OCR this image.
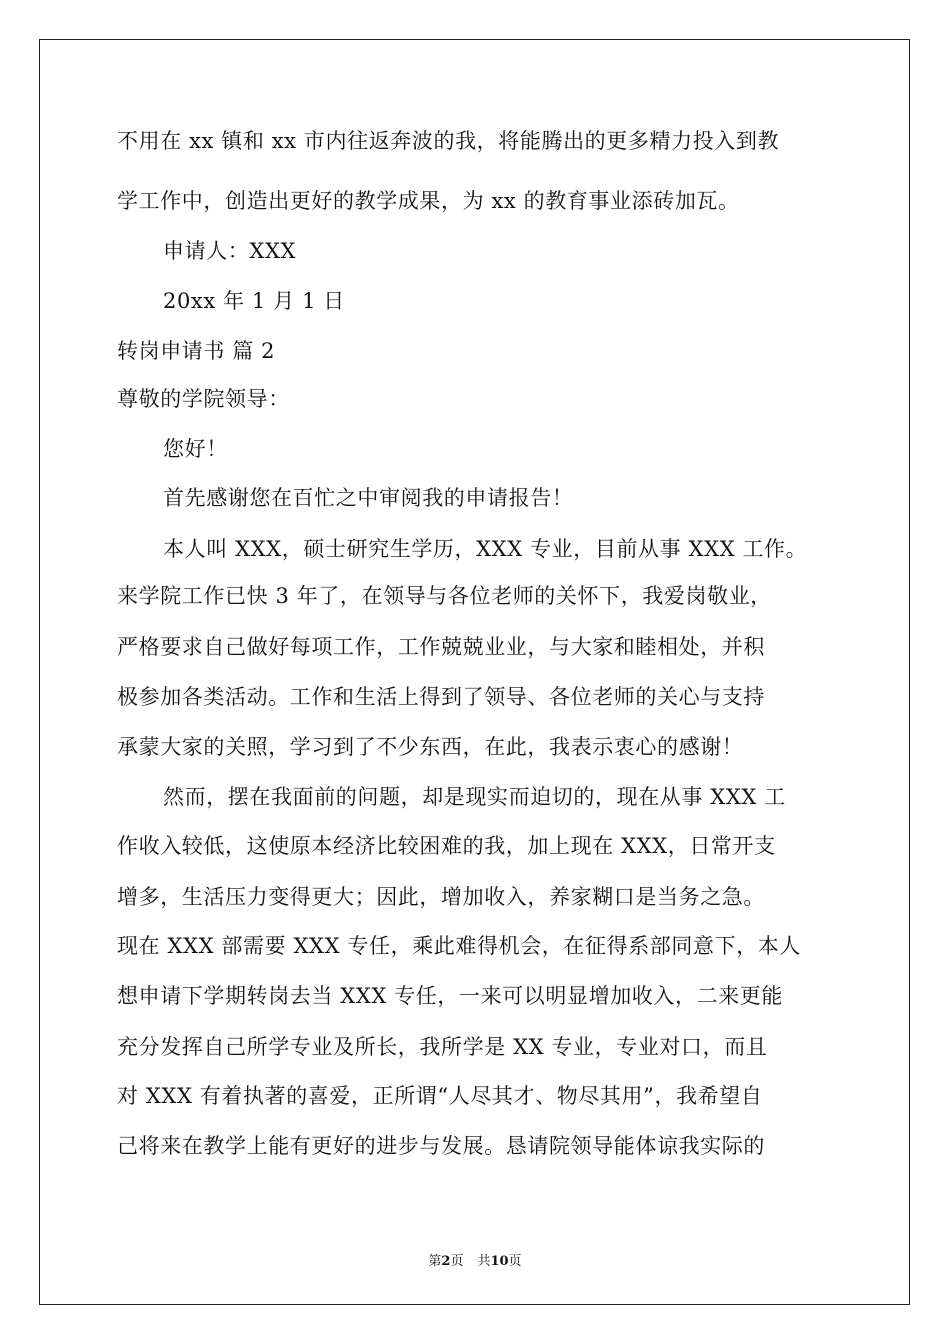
不用在 xx 镇和 xx 市内往返奔波的我，将能腾出的更多精力投入到教
学工作中，创造出更好的教学成果，为 xx 的教育事业添砖加瓦。
申请人：XXX
20xx 年 1 月 1 日
转岗申请书 篇 2
尊敬的学院领导：
您好！
首先感谢您在百忙之中审阅我的申请报告！
本人叫 XXX，硕士研究生学历，XXX 专业，目前从事 XXX 工作。
来学院工作已快 3 年了，在领导与各位老师的关怀下，我爱岗敬业，
严格要求自己做好每项工作，工作兢兢业业，与大家和睦相处，并积
极参加各类活动。工作和生活上得到了领导、各位老师的关心与支持
承蒙大家的关照，学习到了不少东西，在此，我表示衷心的感谢！
然而，摆在我面前的问题，却是现实而迫切的，现在从事 XXX 工
作收入较低，这使原本经济比较困难的我，加上现在 XXX，日常开支
增多，生活压力变得更大；因此，增加收入，养家糊口是当务之急。
现在 XXX 部需要 XXX 专任，乘此难得机会，在征得系部同意下，本人
想申请下学期转岗去当 XXX 专任，一来可以明显增加收入，二来更能
充分发挥自己所学专业及所长，我所学是 XX 专业，专业对口，而且
对 XXX 有着执著的喜爱，正所谓“人尽其才、物尽其用”，我希望自
己将来在教学上能有更好的进步与发展。恳请院领导能体谅我实际的
第2页 共10页
